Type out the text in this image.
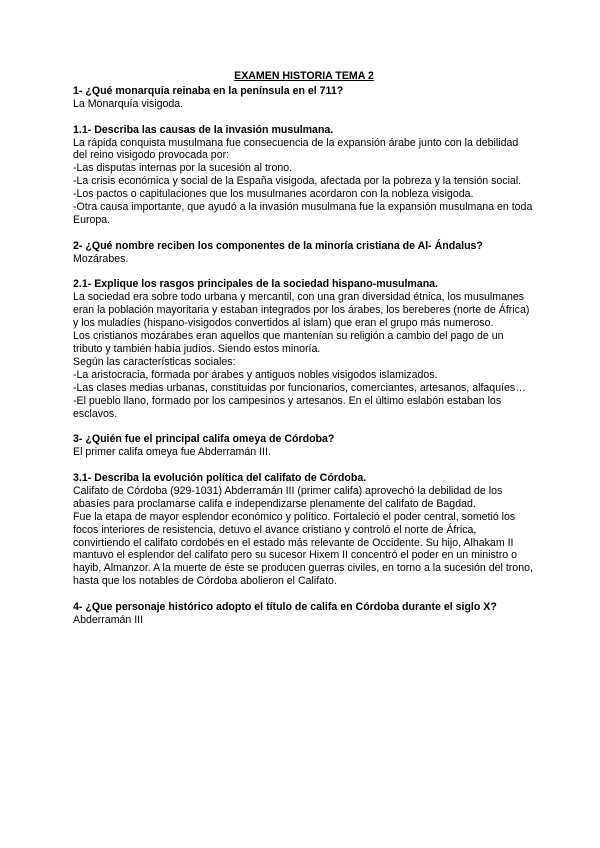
EXAMEN HISTORIA TEMA 2

1- ¿Qué monarquía reinaba en la península en el 711?

La Monarquía visigoda.

1.1- Describa las causas de la invasión musulmana.

La rápida conquista musulmana fue consecuencia de la expansión árabe junto con la debilidad del reino visigodo provocada por:

-Las disputas internas por la sucesión al trono.

-La crisis económica y social de la España visigoda, afectada por la pobreza y la tensión social.

-Los pactos o capitulaciones que los musulmanes acordaron con la nobleza visigoda.

-Otra causa importante, que ayudó a la invasión musulmana fue la expansión musulmana en toda Europa.

2- ¿Qué nombre reciben los componentes de la minoría cristiana de Al- Ándalus?

Mozárabes.

2.1- Explique los rasgos principales de la sociedad hispano-musulmana.

La sociedad era sobre todo urbana y mercantil, con una gran diversidad étnica, los musulmanes eran la población mayoritaria y estaban integrados por los árabes, los bereberes (norte de África) y los muladíes (hispano-visigodos convertidos al islam) que eran el grupo más numeroso.

Los cristianos mozárabes eran aquellos que mantenían su religión a cambio del pago de un tributo y también había judíos. Siendo estos minoría.

Según las características sociales:

-La aristocracia, formada por árabes y antiguos nobles visigodos islamizados.

-Las clases medias urbanas, constituidas por funcionarios, comerciantes, artesanos, alfaquíes…

-El pueblo llano, formado por los campesinos y artesanos. En el último eslabón estaban los esclavos.

3- ¿Quién fue el principal califa omeya de Córdoba?

El primer califa omeya fue Abderramán III.

3.1- Describa la evolución política del califato de Córdoba.

Califato de Córdoba (929-1031) Abderramán III (primer califa) aprovechó la debilidad de los abasíes para proclamarse califa e independizarse plenamente del califato de Bagdad.

Fue la etapa de mayor esplendor económico y político. Fortaleció el poder central, sometió los focos interiores de resistencia, detuvo el avance cristiano y controló el norte de África, convirtiendo el califato cordobés en el estado más relevante de Occidente. Su hijo, Alhakam II mantuvo el esplendor del califato pero su sucesor Hixem II concentró el poder en un ministro o hayib, Almanzor. A la muerte de éste se producen guerras civiles, en torno a la sucesión del trono, hasta que los notables de Córdoba abolieron el Califato.

4- ¿Que personaje histórico adopto el título de califa en Córdoba durante el siglo X?

Abderramán III
